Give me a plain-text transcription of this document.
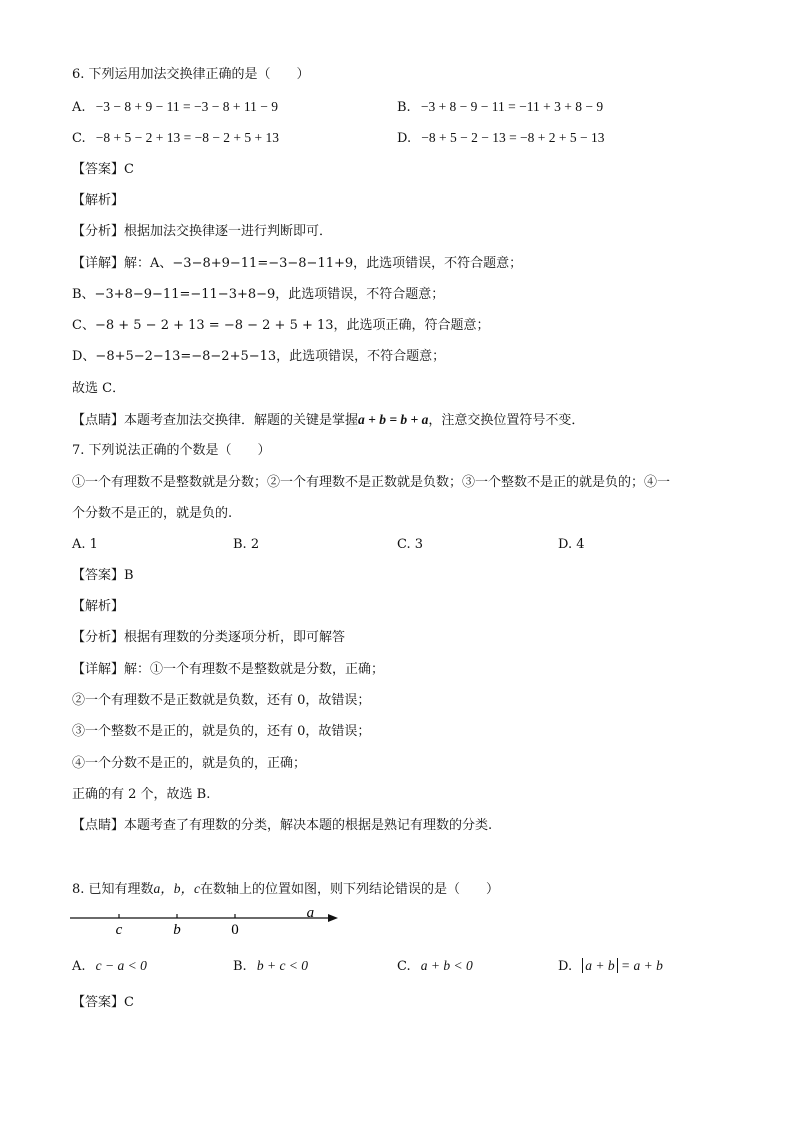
6. 下列运用加法交换律正确的是（　　）
A. −3 − 8 + 9 − 11 = −3 − 8 + 11 − 9	B. −3 + 8 − 9 − 11 = −11 + 3 + 8 − 9
C. −8 + 5 − 2 + 13 = −8 − 2 + 5 + 13	D. −8 + 5 − 2 − 13 = −8 + 2 + 5 − 13
【答案】C
【解析】
【分析】根据加法交换律逐一进行判断即可．
【详解】解：A、−3−8+9−11=−3−8−11+9，此选项错误，不符合题意；
B、−3+8−9−11=−11−3+8−9，此选项错误，不符合题意；
C、−8 + 5 − 2 + 13 = −8 − 2 + 5 + 13，此选项正确，符合题意；
D、−8+5−2−13=−8−2+5−13，此选项错误，不符合题意；
故选 C．
【点睛】本题考查加法交换律．解题的关键是掌握a + b = b + a，注意交换位置符号不变．
7. 下列说法正确的个数是（　　）
①一个有理数不是整数就是分数；②一个有理数不是正数就是负数；③一个整数不是正的就是负的；④一
个分数不是正的，就是负的.
A. 1	B. 2	C. 3	D. 4
【答案】B
【解析】
【分析】根据有理数的分类逐项分析，即可解答
【详解】解：①一个有理数不是整数就是分数，正确；
②一个有理数不是正数就是负数，还有 0，故错误；
③一个整数不是正的，就是负的，还有 0，故错误；
④一个分数不是正的，就是负的，正确；
正确的有 2 个，故选 B.
【点睛】本题考查了有理数的分类，解决本题的根据是熟记有理数的分类.
8. 已知有理数a，b，c在数轴上的位置如图，则下列结论错误的是（　　）
c	b	0
a
A. c − a < 0	B. b + c < 0	C. a + b < 0	D. a + b = a + b
【答案】C
